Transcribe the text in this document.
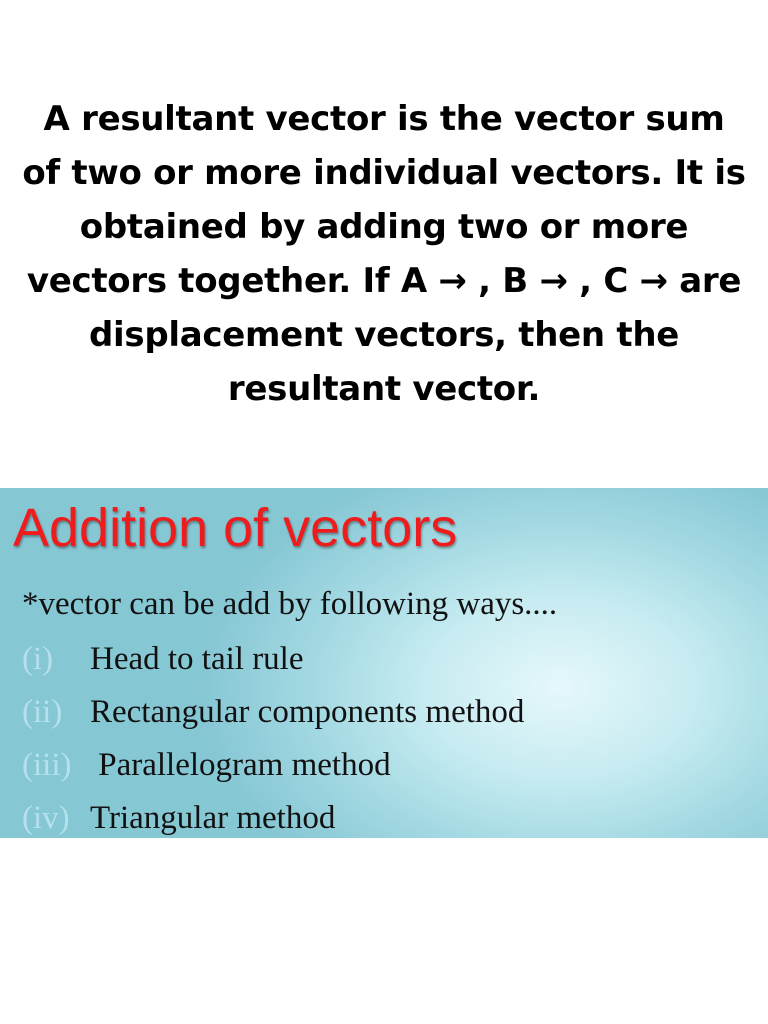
A resultant vector is the vector sum
of two or more individual vectors. It is
obtained by adding two or more
vectors together. If A → , B → , C → are
displacement vectors, then the
resultant vector.
Addition of vectors
*vector can be add by following ways....
(i) Head to tail rule
(ii) Rectangular components method
(iii) Parallelogram method
(iv) Triangular method
